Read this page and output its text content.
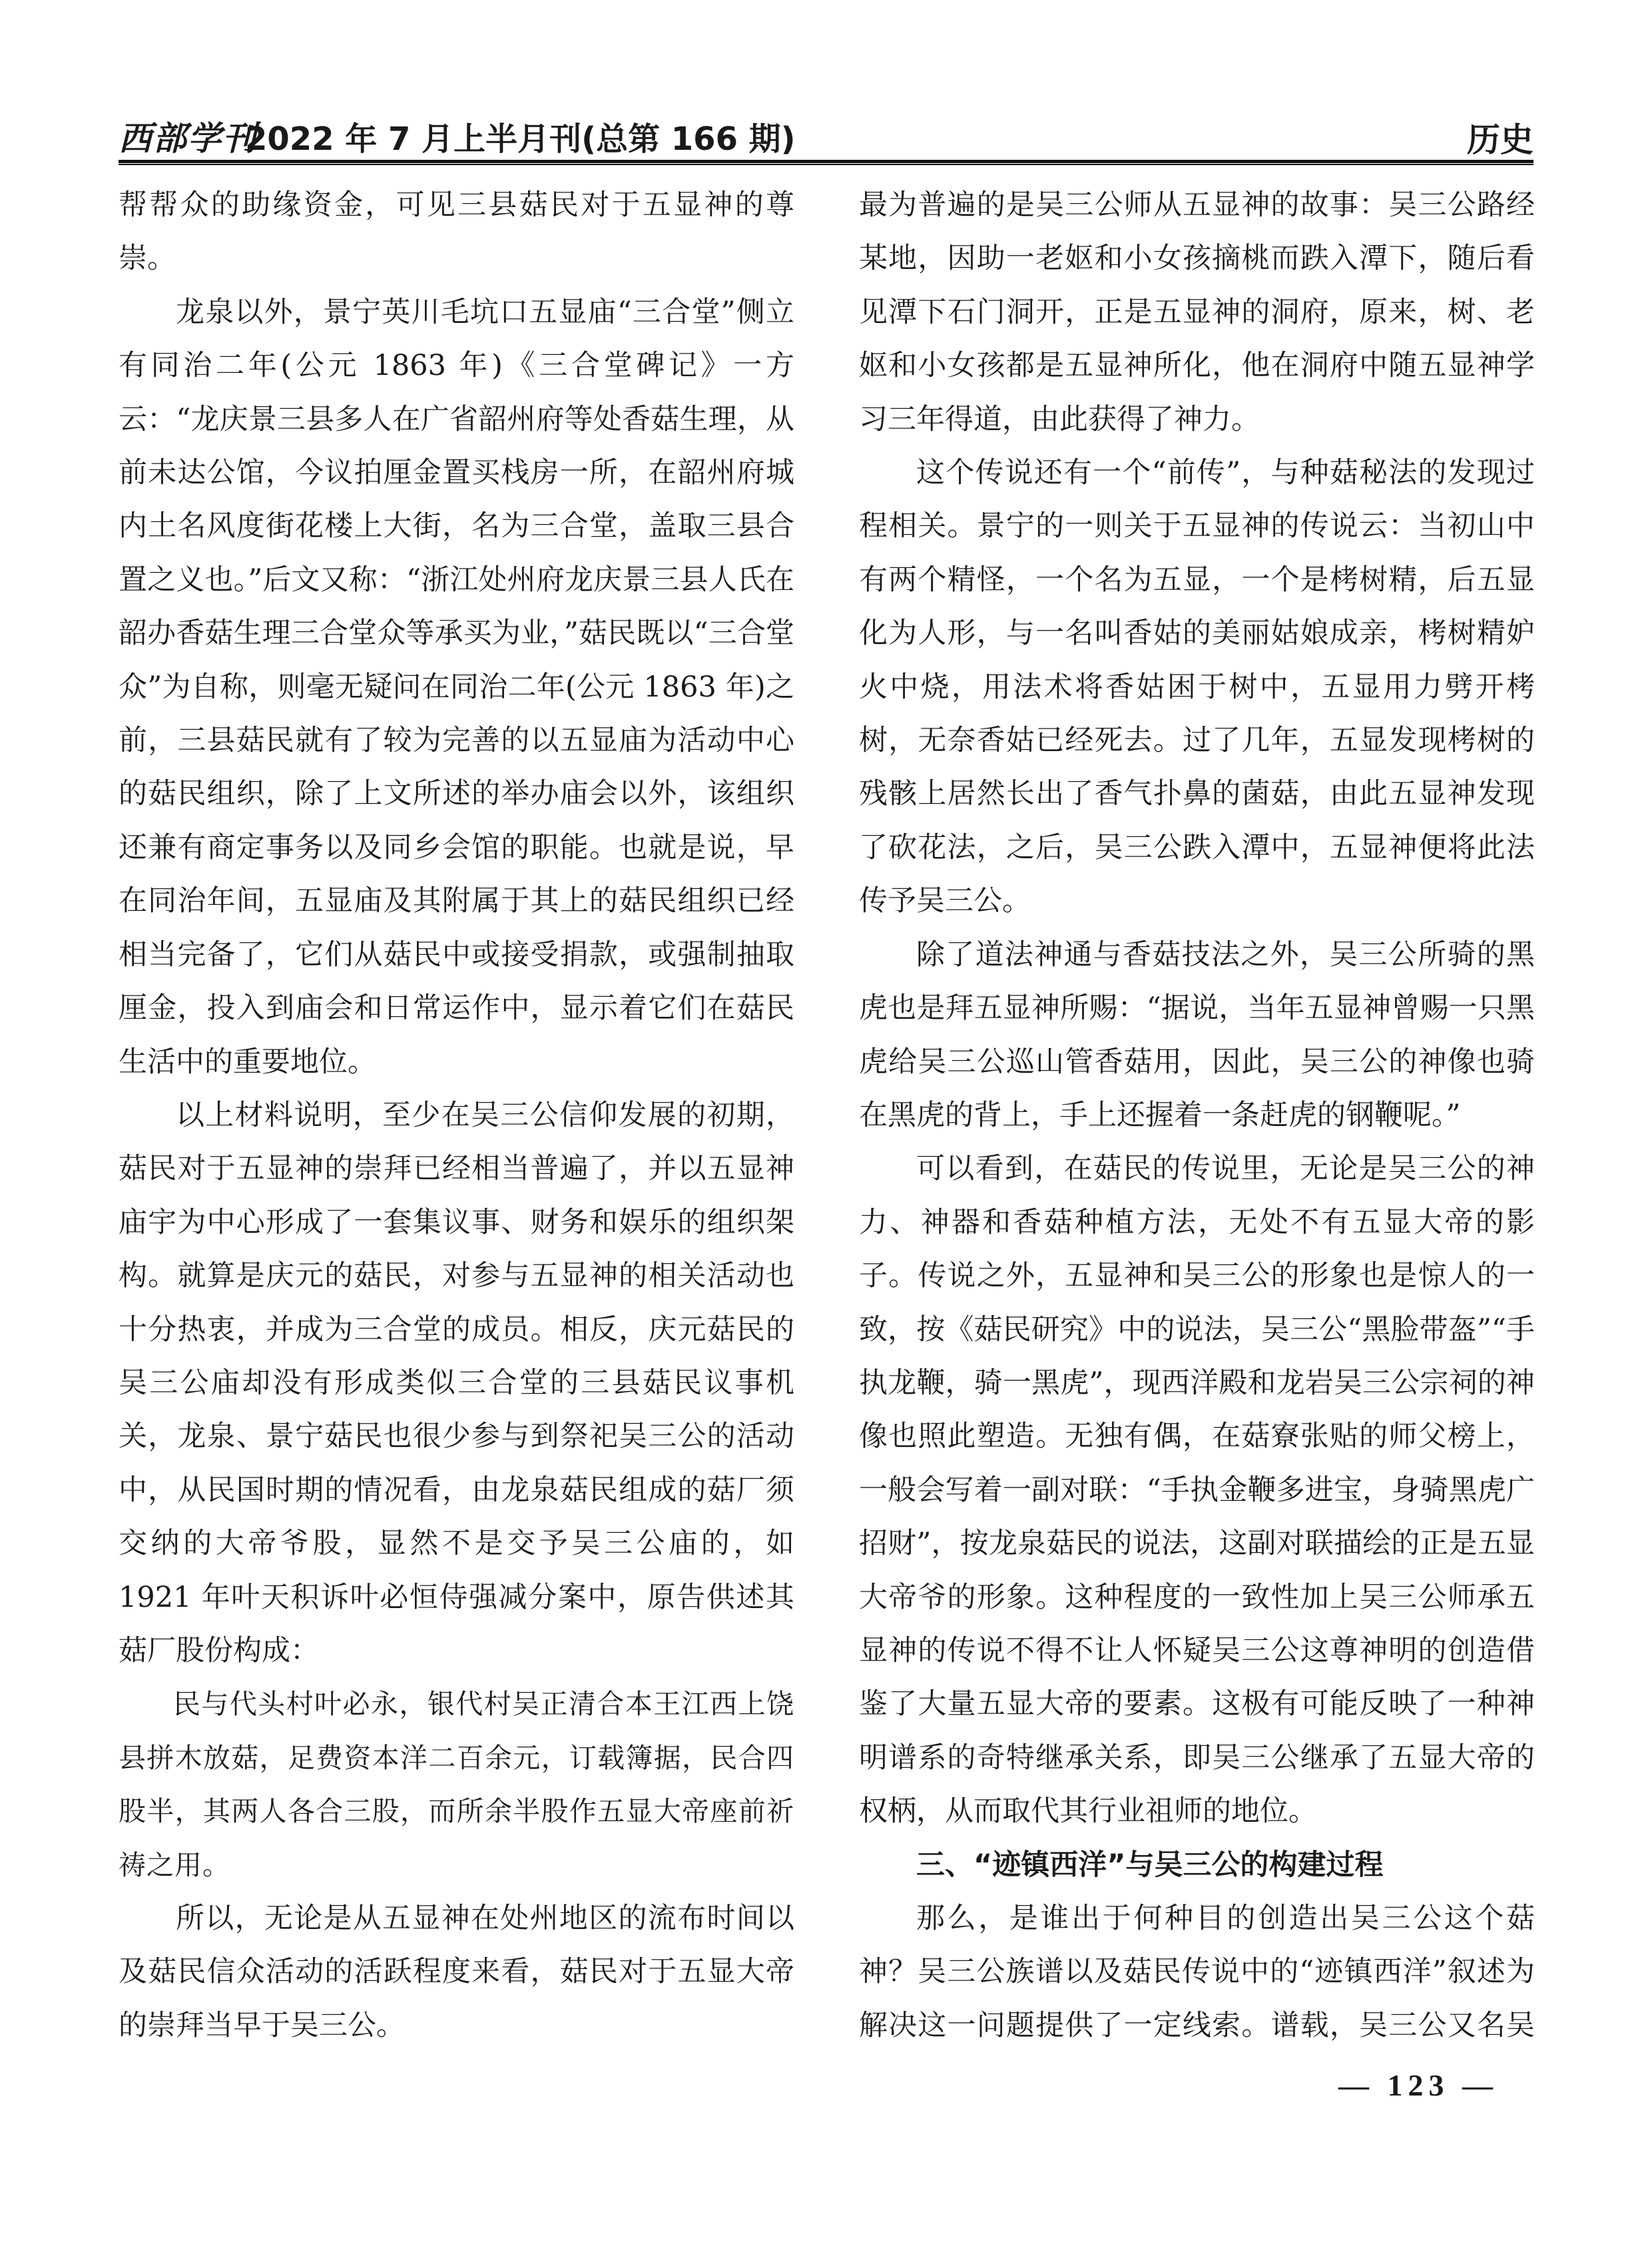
西部学刊
2022 年 7 月上半月刊(总第 166 期)	历史

帮帮众的助缘资金，可见三县菇民对于五显神的尊崇。

龙泉以外，景宁英川毛坑口五显庙“三合堂”侧立有同治二年(公元 1863 年)《三合堂碑记》一方云：“龙庆景三县多人在广省韶州府等处香菇生理，从前未达公馆，今议拍厘金置买栈房一所，在韶州府城内土名风度街花楼上大街，名为三合堂，盖取三县合置之义也。”后文又称：“浙江处州府龙庆景三县人氏在韶办香菇生理三合堂众等承买为业，”菇民既以“三合堂众”为自称，则毫无疑问在同治二年(公元 1863 年)之前，三县菇民就有了较为完善的以五显庙为活动中心的菇民组织，除了上文所述的举办庙会以外，该组织还兼有商定事务以及同乡会馆的职能。也就是说，早在同治年间，五显庙及其附属于其上的菇民组织已经相当完备了，它们从菇民中或接受捐款，或强制抽取厘金，投入到庙会和日常运作中，显示着它们在菇民生活中的重要地位。

以上材料说明，至少在吴三公信仰发展的初期，菇民对于五显神的崇拜已经相当普遍了，并以五显神庙宇为中心形成了一套集议事、财务和娱乐的组织架构。就算是庆元的菇民，对参与五显神的相关活动也十分热衷，并成为三合堂的成员。相反，庆元菇民的吴三公庙却没有形成类似三合堂的三县菇民议事机关，龙泉、景宁菇民也很少参与到祭祀吴三公的活动中，从民国时期的情况看，由龙泉菇民组成的菇厂须交纳的大帝爷股，显然不是交予吴三公庙的，如 1921 年叶天积诉叶必恒侍强减分案中，原告供述其菇厂股份构成：

民与代头村叶必永，银代村吴正清合本王江西上饶县拼木放菇，足费资本洋二百余元，订载簿据，民合四股半，其两人各合三股，而所余半股作五显大帝座前祈祷之用。

所以，无论是从五显神在处州地区的流布时间以及菇民信众活动的活跃程度来看，菇民对于五显大帝的崇拜当早于吴三公。

最为普遍的是吴三公师从五显神的故事：吴三公路经某地，因助一老妪和小女孩摘桃而跌入潭下，随后看见潭下石门洞开，正是五显神的洞府，原来，树、老妪和小女孩都是五显神所化，他在洞府中随五显神学习三年得道，由此获得了神力。

这个传说还有一个“前传”，与种菇秘法的发现过程相关。景宁的一则关于五显神的传说云：当初山中有两个精怪，一个名为五显，一个是栲树精，后五显化为人形，与一名叫香姑的美丽姑娘成亲，栲树精妒火中烧，用法术将香姑困于树中，五显用力劈开栲树，无奈香姑已经死去。过了几年，五显发现栲树的残骸上居然长出了香气扑鼻的菌菇，由此五显神发现了砍花法，之后，吴三公跌入潭中，五显神便将此法传予吴三公。

除了道法神通与香菇技法之外，吴三公所骑的黑虎也是拜五显神所赐：“据说，当年五显神曾赐一只黑虎给吴三公巡山管香菇用，因此，吴三公的神像也骑在黑虎的背上，手上还握着一条赶虎的钢鞭呢。”

可以看到，在菇民的传说里，无论是吴三公的神力、神器和香菇种植方法，无处不有五显大帝的影子。传说之外，五显神和吴三公的形象也是惊人的一致，按《菇民研究》中的说法，吴三公“黑脸带盔”“手执龙鞭，骑一黑虎”，现西洋殿和龙岩吴三公宗祠的神像也照此塑造。无独有偶，在菇寮张贴的师父榜上，一般会写着一副对联：“手执金鞭多进宝，身骑黑虎广招财”，按龙泉菇民的说法，这副对联描绘的正是五显大帝爷的形象。这种程度的一致性加上吴三公师承五显神的传说不得不让人怀疑吴三公这尊神明的创造借鉴了大量五显大帝的要素。这极有可能反映了一种神明谱系的奇特继承关系，即吴三公继承了五显大帝的权柄，从而取代其行业祖师的地位。

三、“迹镇西洋”与吴三公的构建过程

那么，是谁出于何种目的创造出吴三公这个菇神？吴三公族谱以及菇民传说中的“迹镇西洋”叙述为解决这一问题提供了一定线索。谱载，吴三公又名吴

— 123 —
